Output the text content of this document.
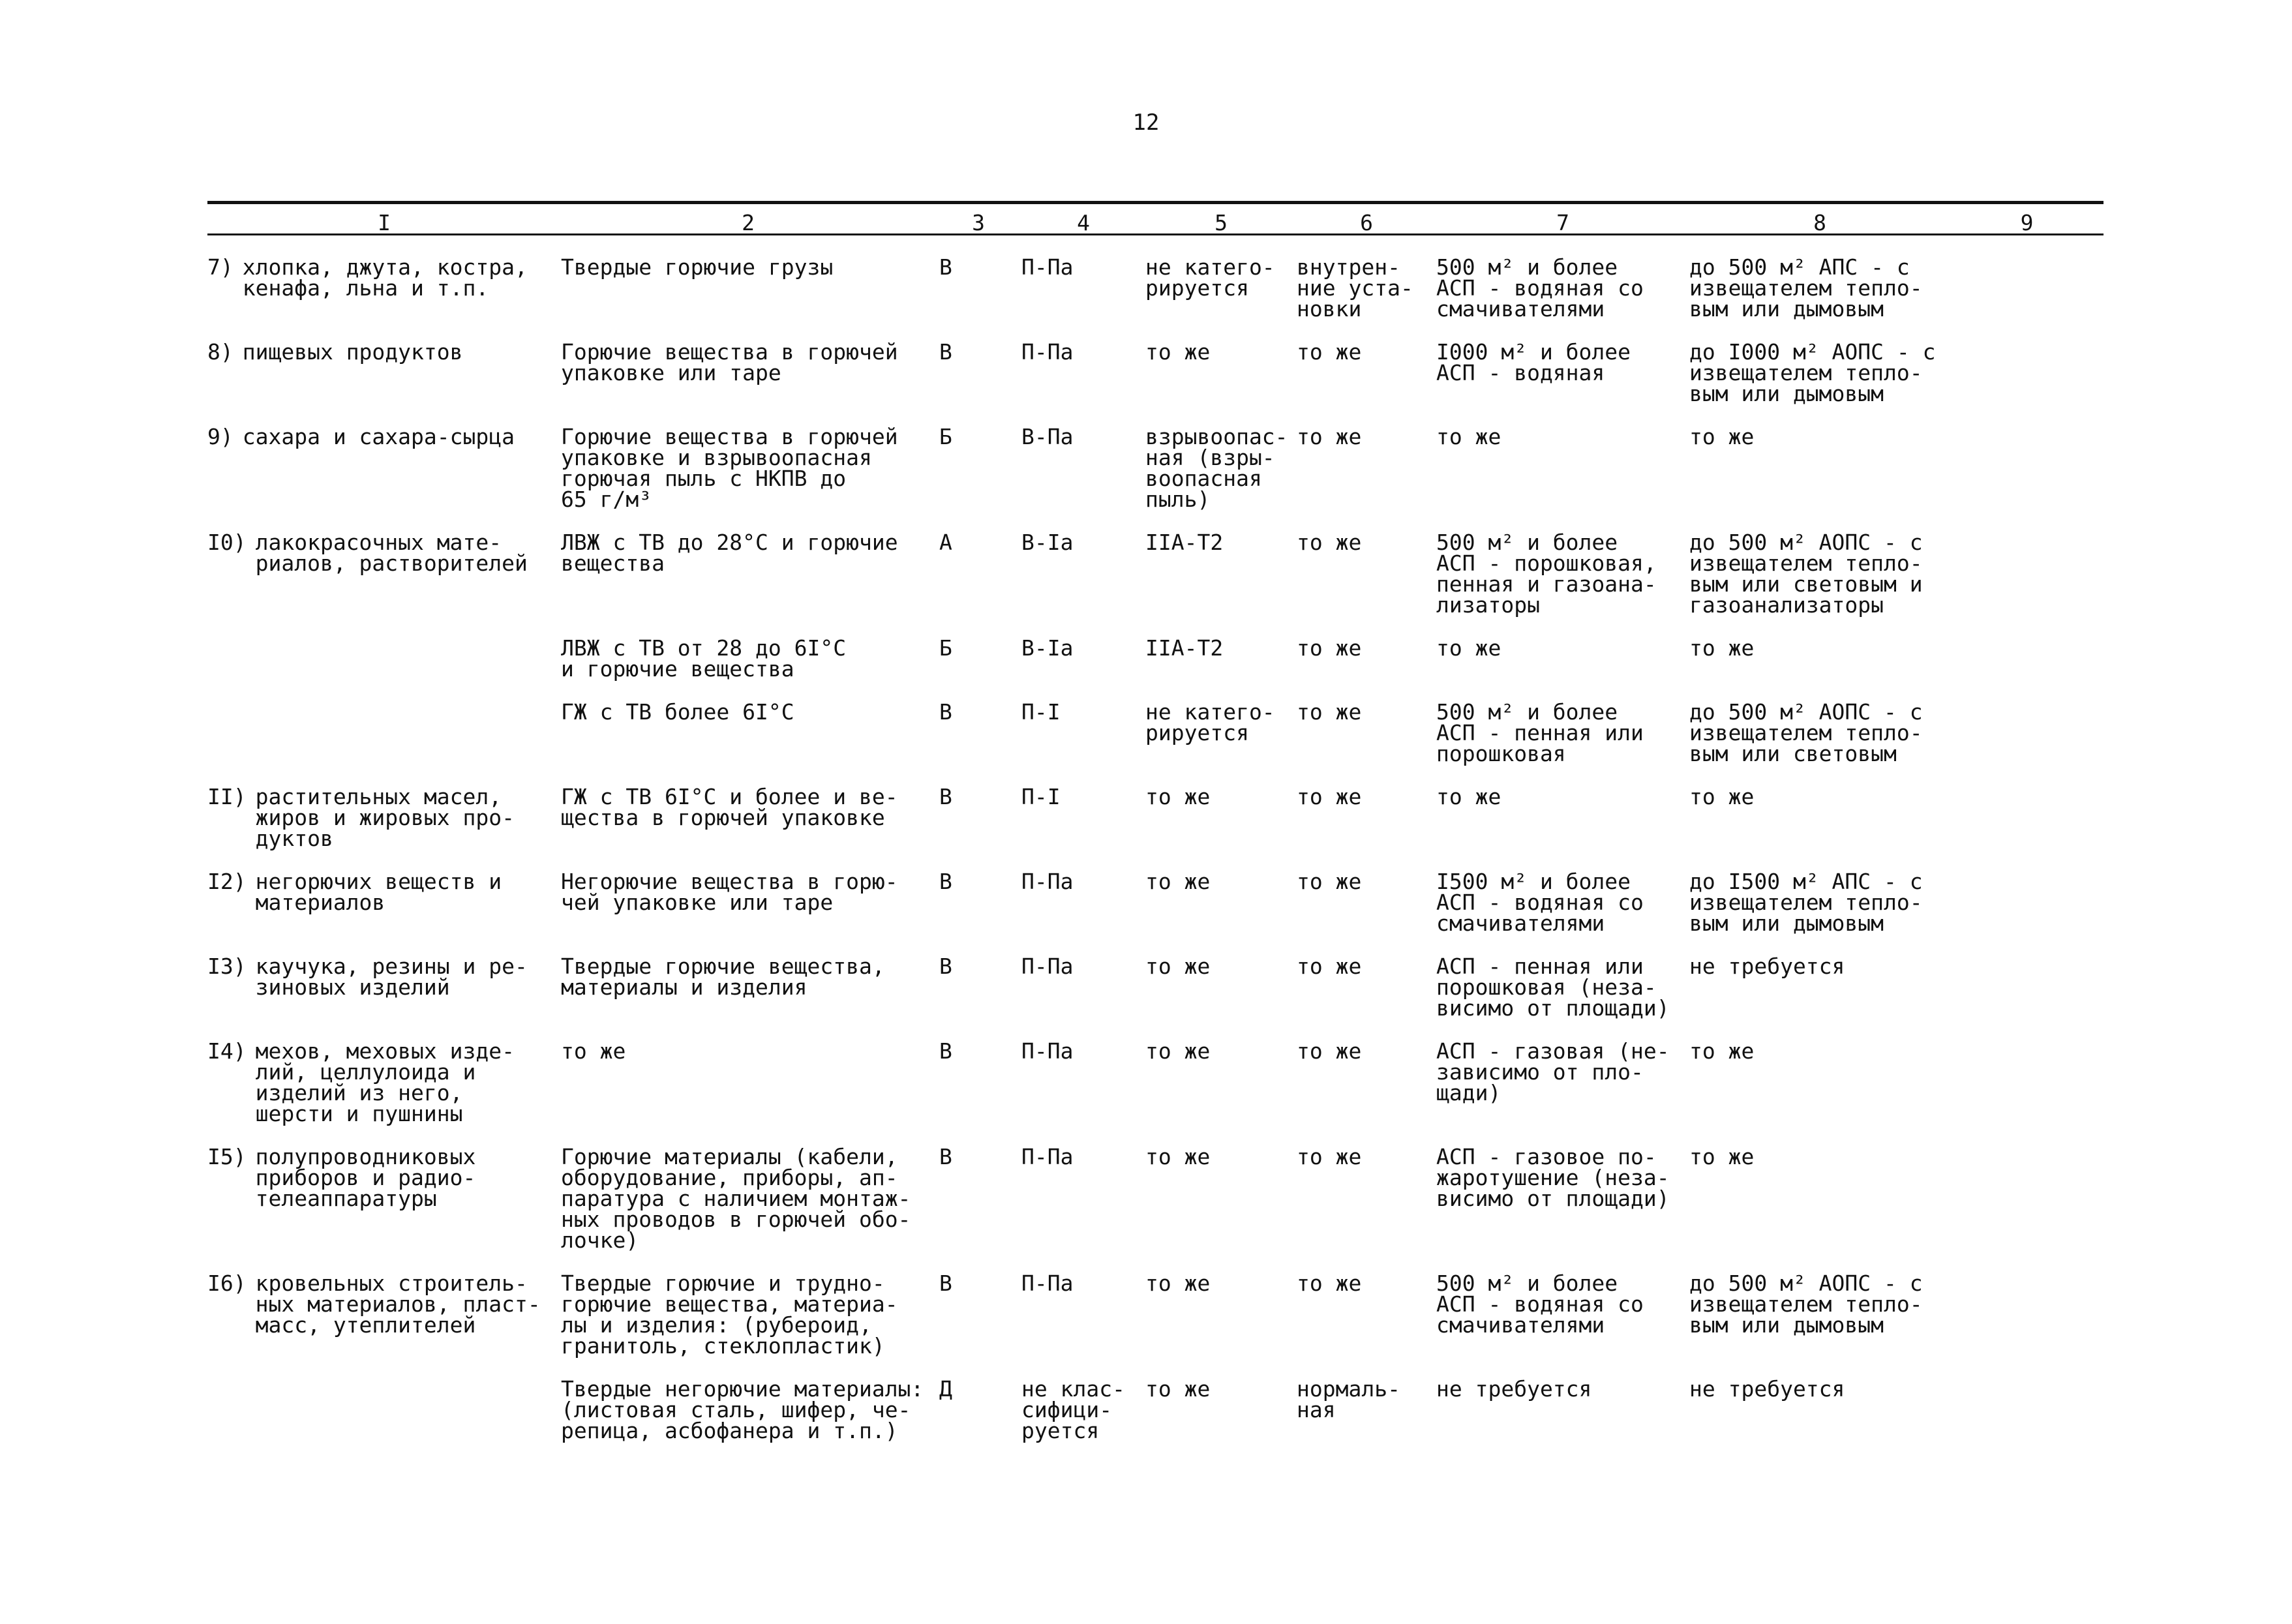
12
I	2	3	4	5	6	7	8	9

7) хлопка, джута, костра,
кенафа, льна и т.п.	Твердые горючие грузы	В	П-Па	не катего-
рируется	внутрен-
ние уста-
новки	500 м² и более
АСП - водяная со
смачивателями	до 500 м² АПС - с
извещателем тепло-
вым или дымовым	

8) пищевых продуктов	Горючие вещества в горючей
упаковке или таре	В	П-Па	то же	то же	I000 м² и более
АСП - водяная	до I000 м² АОПС - с
извещателем тепло-
вым или дымовым	

9) сахара и сахара-сырца	Горючие вещества в горючей
упаковке и взрывоопасная
горючая пыль с НКПВ до
65 г/м³	Б	В-Па	взрывоопас-
ная (взры-
воопасная
пыль)	то же	то же	то же	

I0) лакокрасочных мате-
риалов, растворителей	ЛВЖ с ТВ до 28°С и горючие
вещества	А	В-Iа	IIА-Т2	то же	500 м² и более
АСП - порошковая,
пенная и газоана-
лизаторы	до 500 м² АОПС - с
извещателем тепло-
вым или световым и
газоанализаторы	

	ЛВЖ с ТВ от 28 до 6I°С
и горючие вещества	Б	В-Iа	IIА-Т2	то же	то же	то же	

	ГЖ с ТВ более 6I°С	В	П-I	не катего-
рируется	то же	500 м² и более
АСП - пенная или
порошковая	до 500 м² АОПС - с
извещателем тепло-
вым или световым	

II) растительных масел,
жиров и жировых про-
дуктов	ГЖ с ТВ 6I°С и более и ве-
щества в горючей упаковке	В	П-I	то же	то же	то же	то же	

I2) негорючих веществ и
материалов	Негорючие вещества в горю-
чей упаковке или таре	В	П-Па	то же	то же	I500 м² и более
АСП - водяная со
смачивателями	до I500 м² АПС - с
извещателем тепло-
вым или дымовым	

I3) каучука, резины и ре-
зиновых изделий	Твердые горючие вещества,
материалы и изделия	В	П-Па	то же	то же	АСП - пенная или
порошковая (неза-
висимо от площади)	не требуется	

I4) мехов, меховых изде-
лий, целлулоида и
изделий из него,
шерсти и пушнины	то же	В	П-Па	то же	то же	АСП - газовая (не-
зависимо от пло-
щади)	то же	

I5) полупроводниковых
приборов и радио-
телеаппаратуры	Горючие материалы (кабели,
оборудование, приборы, ап-
паратура с наличием монтаж-
ных проводов в горючей обо-
лочке)	В	П-Па	то же	то же	АСП - газовое по-
жаротушение (неза-
висимо от площади)	то же	

I6) кровельных строитель-
ных материалов, пласт-
масс, утеплителей	Твердые горючие и трудно-
горючие вещества, материа-
лы и изделия: (рубероид,
гранитоль, стеклопластик)	В	П-Па	то же	то же	500 м² и более
АСП - водяная со
смачивателями	до 500 м² АОПС - с
извещателем тепло-
вым или дымовым	

	Твердые негорючие материалы:
(листовая сталь, шифер, че-
репица, асбофанера и т.п.)	Д	не клас-
сифици-
руется	то же	нормаль-
ная	не требуется	не требуется	
